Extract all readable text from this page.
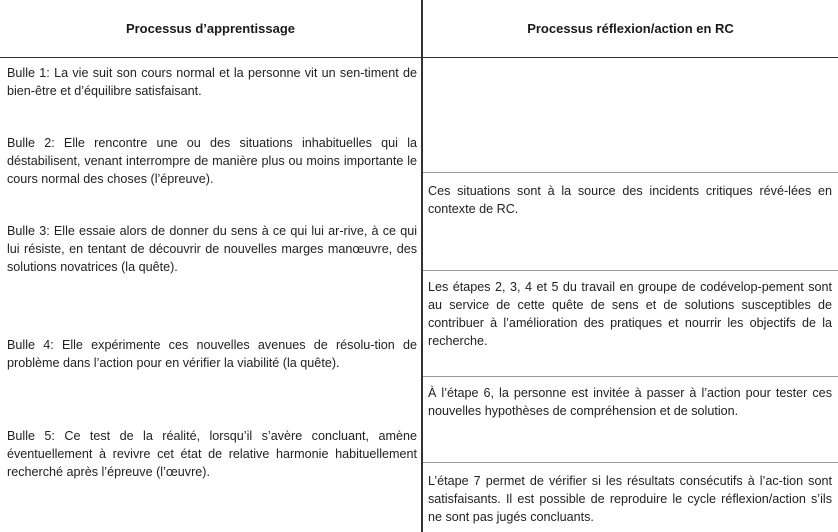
Processus d’apprentissage	Processus réflexion/action en RC

Bulle 1: La vie suit son cours normal et la personne vit un sen-timent de bien-être et d’équilibre satisfaisant.

Bulle 2: Elle rencontre une ou des situations inhabituelles qui la déstabilisent, venant interrompre de manière plus ou moins importante le cours normal des choses (l’épreuve).

Bulle 3: Elle essaie alors de donner du sens à ce qui lui ar-rive, à ce qui lui résiste, en tentant de découvrir de nouvelles marges manœuvre, des solutions novatrices (la quête).

Bulle 4: Elle expérimente ces nouvelles avenues de résolu-tion de problème dans l’action pour en vérifier la viabilité (la quête).

Bulle 5: Ce test de la réalité, lorsqu’il s’avère concluant, amène éventuellement à revivre cet état de relative harmonie habituellement recherché après l’épreuve (l’œuvre).

Ces situations sont à la source des incidents critiques révé-lées en contexte de RC.

Les étapes 2, 3, 4 et 5 du travail en groupe de codévelop-pement sont au service de cette quête de sens et de solutions susceptibles de contribuer à l’amélioration des pratiques et nourrir les objectifs de la recherche.

À l’étape 6, la personne est invitée à passer à l’action pour tester ces nouvelles hypothèses de compréhension et de solution.

L’étape 7 permet de vérifier si les résultats consécutifs à l’ac-tion sont satisfaisants. Il est possible de reproduire le cycle réflexion/action s’ils ne sont pas jugés concluants.
